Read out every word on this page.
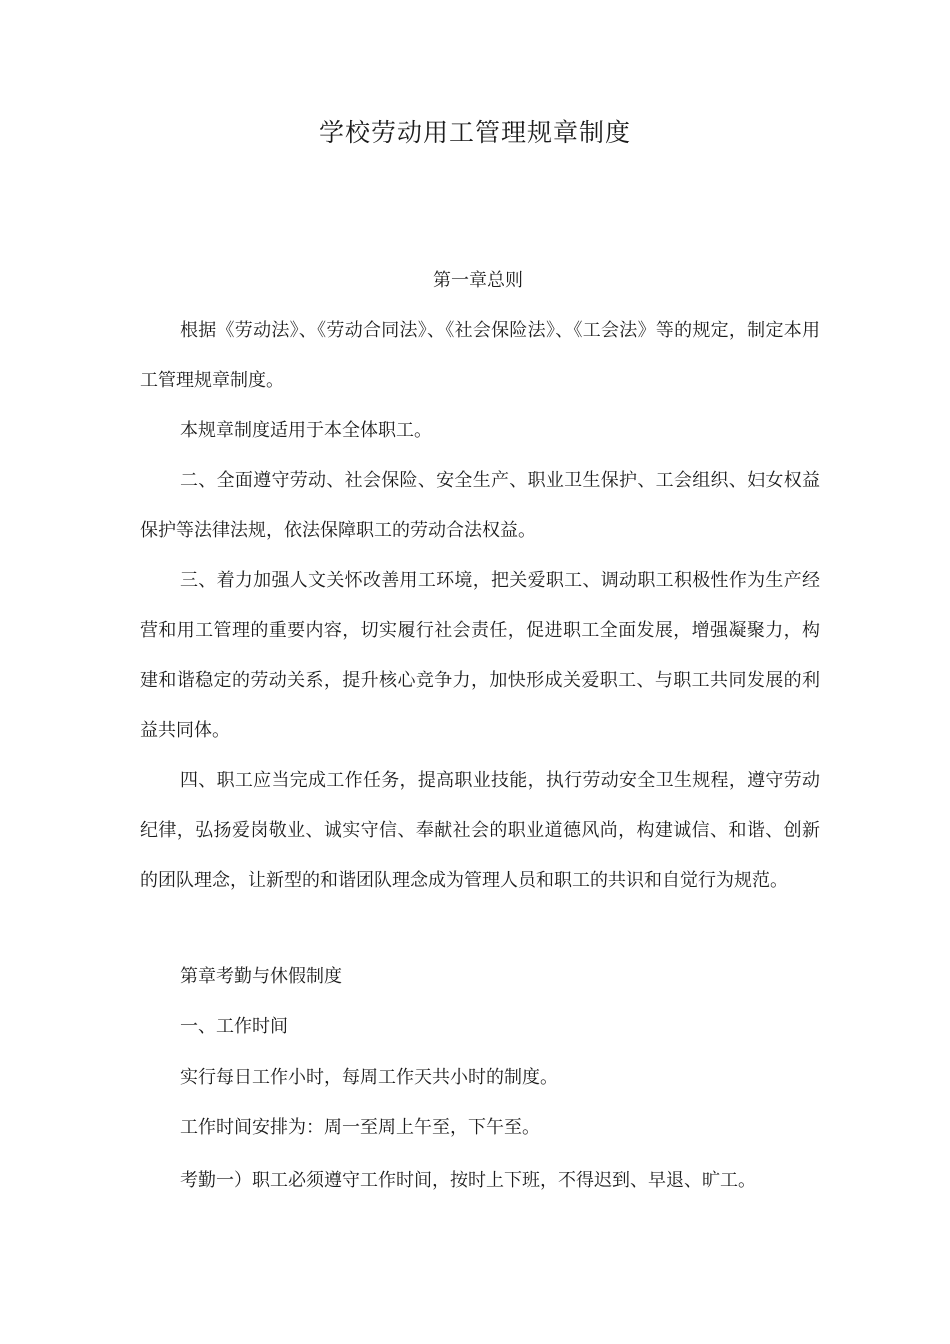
学校劳动用工管理规章制度
第一章总则

根据《劳动法》、《劳动合同法》、《社会保险法》、《工会法》等的规定，制定本用工管理规章制度。

本规章制度适用于本全体职工。

二、全面遵守劳动、社会保险、安全生产、职业卫生保护、工会组织、妇女权益保护等法律法规，依法保障职工的劳动合法权益。

三、着力加强人文关怀改善用工环境，把关爱职工、调动职工积极性作为生产经营和用工管理的重要内容，切实履行社会责任，促进职工全面发展，增强凝聚力，构建和谐稳定的劳动关系，提升核心竞争力，加快形成关爱职工、与职工共同发展的利益共同体。

四、职工应当完成工作任务，提高职业技能，执行劳动安全卫生规程，遵守劳动纪律，弘扬爱岗敬业、诚实守信、奉献社会的职业道德风尚，构建诚信、和谐、创新的团队理念，让新型的和谐团队理念成为管理人员和职工的共识和自觉行为规范。

第章考勤与休假制度
一、工作时间
实行每日工作小时，每周工作天共小时的制度。
工作时间安排为：周一至周上午至，下午至。
考勤一）职工必须遵守工作时间，按时上下班，不得迟到、早退、旷工。
